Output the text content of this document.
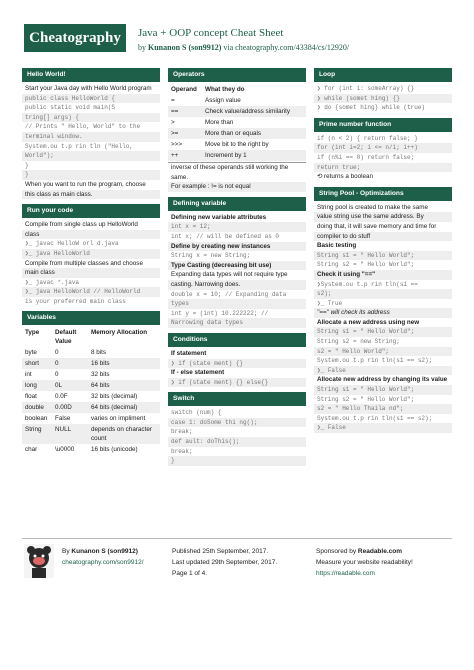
Cheatography	Java + OOP concept Cheat Sheet
by Kunanon S (son9912) via cheatography.com/43384/cs/12920/
Hello World!
Start your Java day with Hello World program
public class HelloWorld {
public static void main(S
tring[] args) {
// Prints " Hello, World" to the
terminal window.
System.ou t.p rin tln ("Hello,
World");
}
}
When you want to run the program, choose
this class as main class.
Run your code
Compile from single class up HelloWorld
class
❯_ javac HelloW orl d.java
❯_ java HelloWorld
Compile from multiple classes and choose
main class
❯_ javac *.java
❯_ java HelloWorld // HelloWorld
is your preferred main class
Variables
Type	Default Value	Memory Allocation
byte	0	8 bits
short	0	16 bits
int	0	32 bits
long	0L	64 bits
float	0.0F	32 bits (decimal)
double	0.00D	64 bits (decimal)
boolean	False	varies on impliment
String	NULL	depends on character count
char	\u0000	16 bits (unicode)
Operators
Operand	What they do
=	Assign value
==	Check value/address similarity
>	More than
>=	More than or equals
>>>	Move bit to the right by
++	Increment by 1
inverse of these operands still working the same.
For example : != is not equal
Defining variable
Defining new variable attributes
int x = 12;
int x; // will be defined as 0
Define by creating new instances
String x = new String;
Type Casting (decreasing bit use)
Expanding data types will not require type
casting. Narrowing does.
double x = 10; // Expanding data
types
int y = (int) 10.222222; //
Narrowing data types
Conditions
If statement
❯ if (state ment) {}
If - else statement
❯ if (state ment) {} else{}
Switch
switch (num) {
case 1: doSome thi ng();
break;
def ault: doThis();
break;
}
Loop
❯ for (int i: someArray) {}
❯ while (somet hing) {}
❯ do {somet hing} while (true)
Prime number function
if (n < 2) { return false; }
for (int i=2; i <= n/i; i++)
if (n%i == 0) return false;
return true;
⟲ returns a boolean
String Pool - Optimizations
String pool is created to make the same
value string use the same address. By
doing that, it will save memory and time for
compiler to do stuff
Basic testing
String s1 = " Hello World";
String s2 = " Hello World";
Check it using "=="
❯System.ou t.p rin tln(s1 ==
s2);
❯_ True
"==" will check its address
Allocate a new address using new
String s1 = " Hello World";
String s2 = new String;
s2 = " Hello World";
System.ou t.p rin tln(s1 == s2);
❯_ False
Allocate new address by changing its value
String s1 = " Hello World";
String s2 = " Hello World";
s2 = " Hello Thaila nd";
System.ou t.p rin tln(s1 == s2);
❯_ False
By Kunanon S (son9912)
cheatography.com/son9912/
Published 25th September, 2017.
Last updated 29th September, 2017.
Page 1 of 4.
Sponsored by Readable.com
Measure your website readability!
https://readable.com
